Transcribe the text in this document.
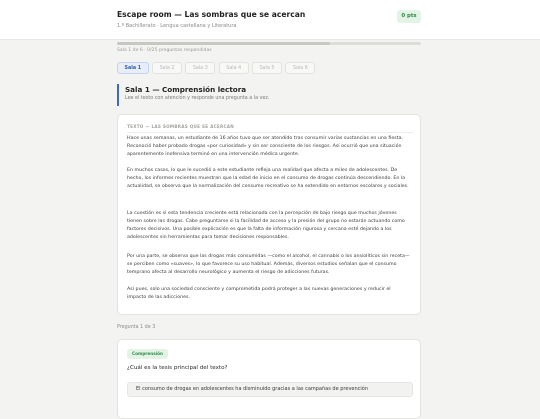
Escape room — Las sombras que se acercan
1.º Bachillerato · Lengua castellana y Literatura
0 pts
Sala 1 de 6 · 0/25 preguntas respondidas
Sala 1	Sala 2	Sala 3	Sala 4	Sala 5	Sala 6
Sala 1 — Comprensión lectora
Lee el texto con atención y responde una pregunta a la vez.
TEXTO — LAS SOMBRAS QUE SE ACERCAN

Hace unas semanas, un estudiante de 16 años tuvo que ser atendido tras consumir varias sustancias en una fiesta. Reconoció haber probado drogas «por curiosidad» y sin ser consciente de los riesgos. Así ocurrió que una situación aparentemente inofensiva terminó en una intervención médica urgente.

En muchos casos, lo que le sucedió a este estudiante refleja una realidad que afecta a miles de adolescentes. De hecho, los informes recientes muestran que la edad de inicio en el consumo de drogas continúa descendiendo. En la actualidad, se observa que la normalización del consumo recreativo se ha extendido en entornos escolares y sociales.

La cuestión es si esta tendencia creciente está relacionada con la percepción de bajo riesgo que muchos jóvenes tienen sobre las drogas. Cabe preguntarse si la facilidad de acceso y la presión del grupo no estarán actuando como factores decisivos. Una posible explicación es que la falta de información rigurosa y cercana esté dejando a los adolescentes sin herramientas para tomar decisiones responsables.

Por una parte, se observa que las drogas más consumidas —como el alcohol, el cannabis o los ansiolíticos sin receta— se perciben como «suaves», lo que favorece su uso habitual. Además, diversos estudios señalan que el consumo temprano afecta al desarrollo neurológico y aumenta el riesgo de adicciones futuras.

Así pues, solo una sociedad consciente y comprometida podrá proteger a las nuevas generaciones y reducir el impacto de las adicciones.

Pregunta 1 de 3
Comprensión
¿Cuál es la tesis principal del texto?
El consumo de drogas en adolescentes ha disminuido gracias a las campañas de prevención
